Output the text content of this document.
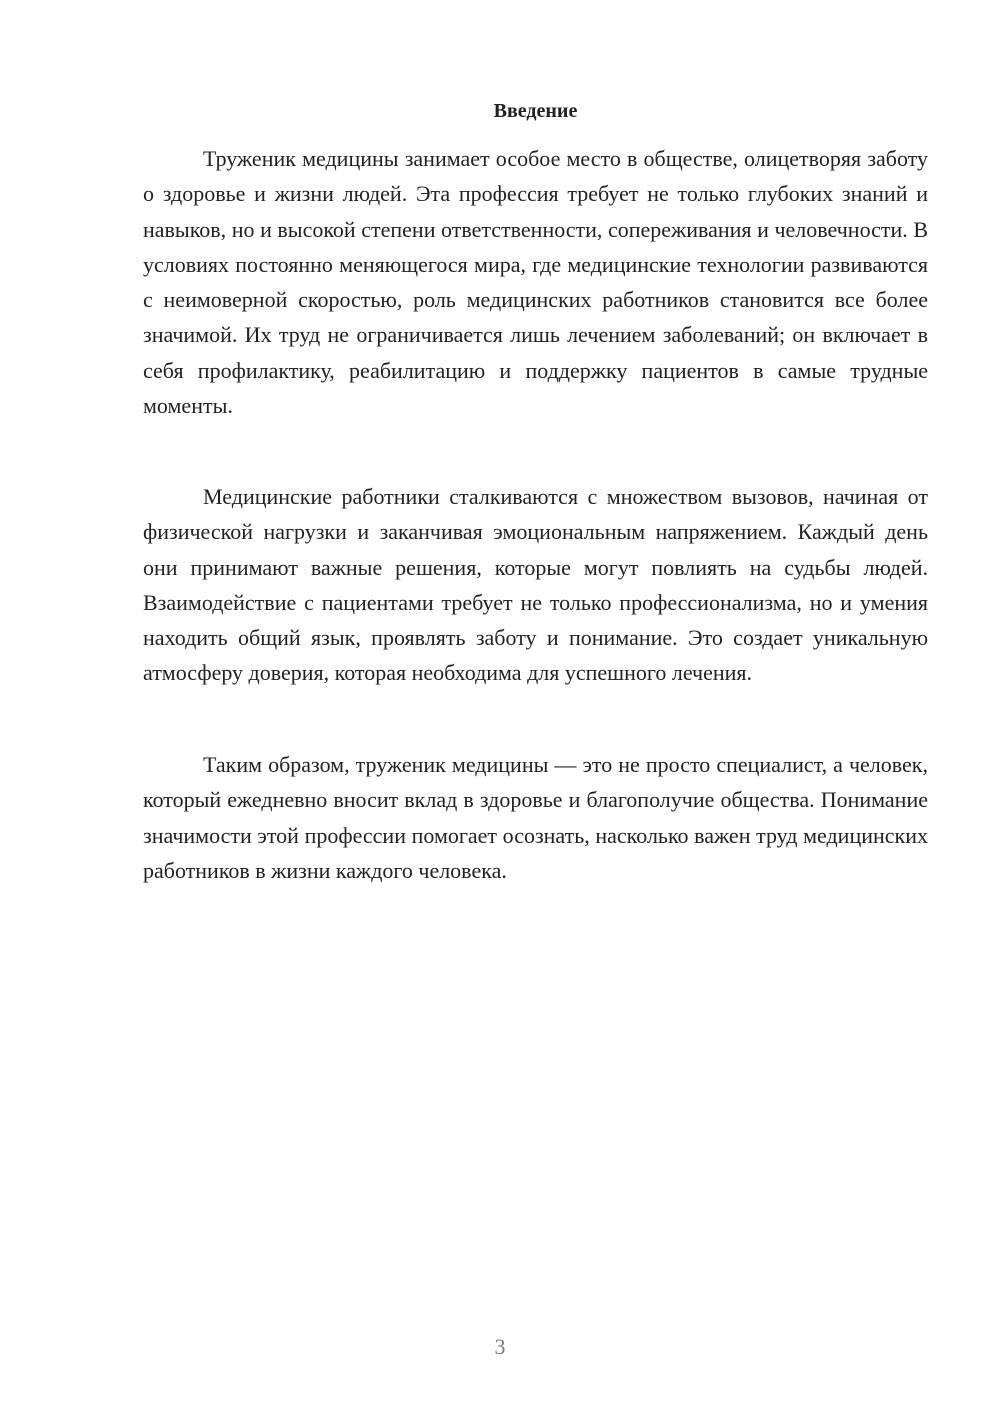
Введение

Труженик медицины занимает особое место в обществе, олицетворяя заботу о здоровье и жизни людей. Эта профессия требует не только глубоких знаний и навыков, но и высокой степени ответственности, сопереживания и человечности. В условиях постоянно меняющегося мира, где медицинские технологии развиваются с неимоверной скоростью, роль медицинских работников становится все более значимой. Их труд не ограничивается лишь лечением заболеваний; он включает в себя профилактику, реабилитацию и поддержку пациентов в самые трудные моменты.

Медицинские работники сталкиваются с множеством вызовов, начиная от физической нагрузки и заканчивая эмоциональным напряжением. Каждый день они принимают важные решения, которые могут повлиять на судьбы людей. Взаимодействие с пациентами требует не только профессионализма, но и умения находить общий язык, проявлять заботу и понимание. Это создает уникальную атмосферу доверия, которая необходима для успешного лечения.

Таким образом, труженик медицины — это не просто специалист, а человек, который ежедневно вносит вклад в здоровье и благополучие общества. Понимание значимости этой профессии помогает осознать, насколько важен труд медицинских работников в жизни каждого человека.

3
